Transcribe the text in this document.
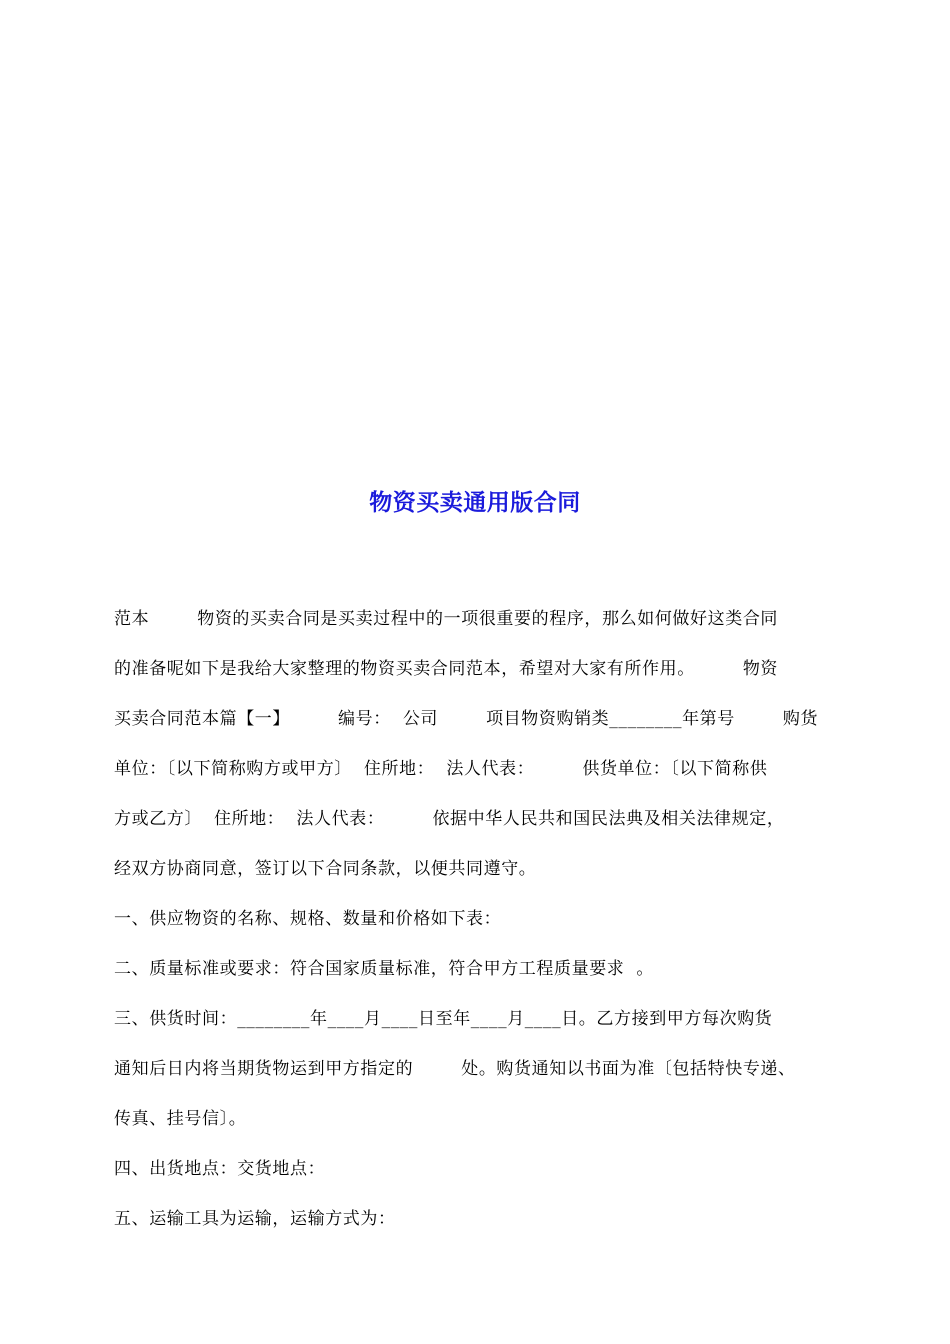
物资买卖通用版合同
范本        物资的买卖合同是买卖过程中的一项很重要的程序，那么如何做好这类合同
的准备呢如下是我给大家整理的物资买卖合同范本，希望对大家有所作用。        物资
买卖合同范本篇【一】        编号：  公司        项目物资购销类________年第号        购货
单位：〔以下简称购方或甲方〕  住所地：  法人代表：        供货单位：〔以下简称供
方或乙方〕  住所地：  法人代表：        依据中华人民共和国民法典及相关法律规定，
经双方协商同意，签订以下合同条款，以便共同遵守。
一、供应物资的名称、规格、数量和价格如下表：
二、质量标准或要求：符合国家质量标准，符合甲方工程质量要求  。
三、供货时间：________年____月____日至年____月____日。乙方接到甲方每次购货
通知后日内将当期货物运到甲方指定的        处。购货通知以书面为准〔包括特快专递、
传真、挂号信〕。
四、出货地点：交货地点：
五、运输工具为运输，运输方式为：
